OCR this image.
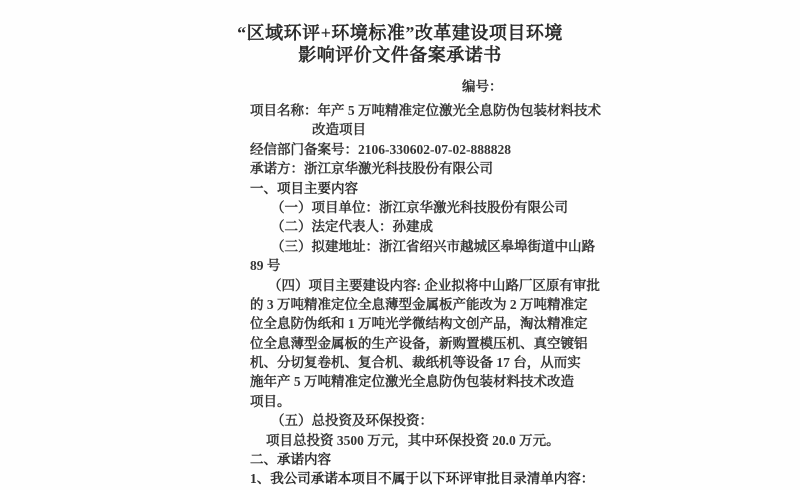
“区域环评+环境标准”改革建设项目环境
影响评价文件备案承诺书
编号：
项目名称：年产 5 万吨精准定位激光全息防伪包装材料技术
改造项目
经信部门备案号：2106-330602-07-02-888828
承诺方：浙江京华激光科技股份有限公司
一、项目主要内容
（一）项目单位：浙江京华激光科技股份有限公司
（二）法定代表人：孙建成
（三）拟建地址：浙江省绍兴市越城区皋埠街道中山路
89 号
（四）项目主要建设内容: 企业拟将中山路厂区原有审批
的 3 万吨精准定位全息薄型金属板产能改为 2 万吨精准定
位全息防伪纸和 1 万吨光学微结构文创产品，淘汰精准定
位全息薄型金属板的生产设备，新购置模压机、真空镀铝
机、分切复卷机、复合机、裁纸机等设备 17 台，从而实
施年产 5 万吨精准定位激光全息防伪包装材料技术改造
项目。
（五）总投资及环保投资：
项目总投资 3500 万元，其中环保投资 20.0 万元。
二、承诺内容
1、我公司承诺本项目不属于以下环评审批目录清单内容：
